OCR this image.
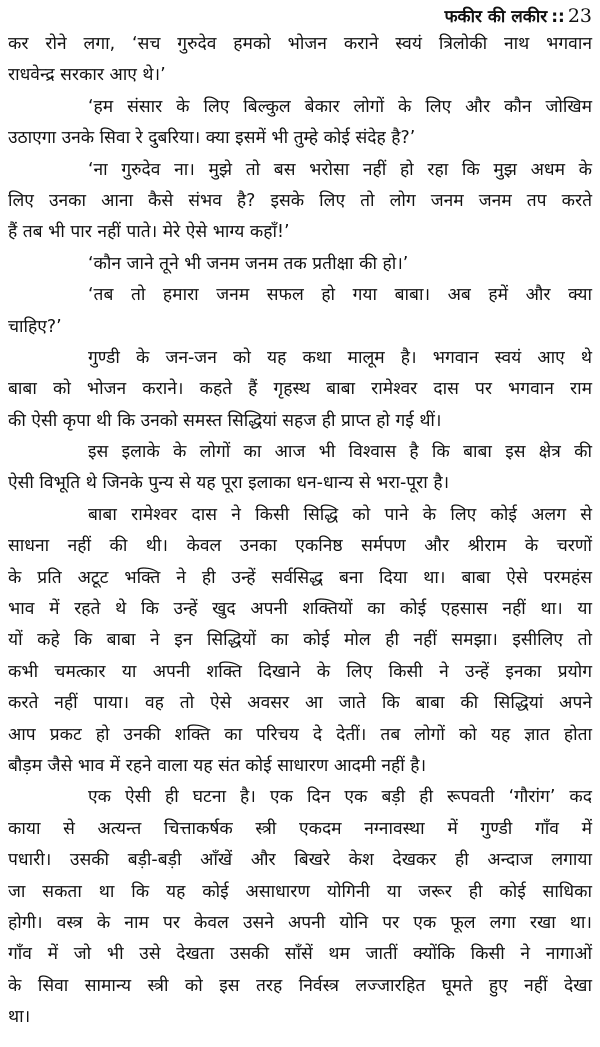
फकीर की लकीर :: 23
कर रोने लगा, ‘सच गुरुदेव हमको भोजन कराने स्वयं त्रिलोकी नाथ भगवान
राधवेन्द्र सरकार आए थे।’
‘हम संसार के लिए बिल्कुल बेकार लोगों के लिए और कौन जोखिम
उठाएगा उनके सिवा रे दुबरिया। क्या इसमें भी तुम्हे कोई संदेह है?’
‘ना गुरुदेव ना। मुझे तो बस भरोसा नहीं हो रहा कि मुझ अधम के
लिए उनका आना कैसे संभव है? इसके लिए तो लोग जनम जनम तप करते
हैं तब भी पार नहीं पाते। मेरे ऐसे भाग्य कहाँ!’
‘कौन जाने तूने भी जनम जनम तक प्रतीक्षा की हो।’
‘तब तो हमारा जनम सफल हो गया बाबा। अब हमें और क्या
चाहिए?’
गुण्डी के जन-जन को यह कथा मालूम है। भगवान स्वयं आए थे
बाबा को भोजन कराने। कहते हैं गृहस्थ बाबा रामेश्वर दास पर भगवान राम
की ऐसी कृपा थी कि उनको समस्त सिद्धियां सहज ही प्राप्त हो गई थीं।
इस इलाके के लोगों का आज भी विश्वास है कि बाबा इस क्षेत्र की
ऐसी विभूति थे जिनके पुन्य से यह पूरा इलाका धन-धान्य से भरा-पूरा है।
बाबा रामेश्वर दास ने किसी सिद्धि को पाने के लिए कोई अलग से
साधना नहीं की थी। केवल उनका एकनिष्ठ सर्मपण और श्रीराम के चरणों
के प्रति अटूट भक्ति ने ही उन्हें सर्वसिद्ध बना दिया था। बाबा ऐसे परमहंस
भाव में रहते थे कि उन्हें खुद अपनी शक्तियों का कोई एहसास नहीं था। या
यों कहे कि बाबा ने इन सिद्धियों का कोई मोल ही नहीं समझा। इसीलिए तो
कभी चमत्कार या अपनी शक्ति दिखाने के लिए किसी ने उन्हें इनका प्रयोग
करते नहीं पाया। वह तो ऐसे अवसर आ जाते कि बाबा की सिद्धियां अपने
आप प्रकट हो उनकी शक्ति का परिचय दे देतीं। तब लोगों को यह ज्ञात होता
बौड़म जैसे भाव में रहने वाला यह संत कोई साधारण आदमी नहीं है।
एक ऐसी ही घटना है। एक दिन एक बड़ी ही रूपवती ‘गौरांग’ कद
काया से अत्यन्त चित्ताकर्षक स्त्री एकदम नग्नावस्था में गुण्डी गाँव में
पधारी। उसकी बड़ी-बड़ी आँखें और बिखरे केश देखकर ही अन्दाज लगाया
जा सकता था कि यह कोई असाधारण योगिनी या जरूर ही कोई साधिका
होगी। वस्त्र के नाम पर केवल उसने अपनी योनि पर एक फूल लगा रखा था।
गाँव में जो भी उसे देखता उसकी साँसें थम जातीं क्योंकि किसी ने नागाओं
के सिवा सामान्य स्त्री को इस तरह निर्वस्त्र लज्जारहित घूमते हुए नहीं देखा
था।
